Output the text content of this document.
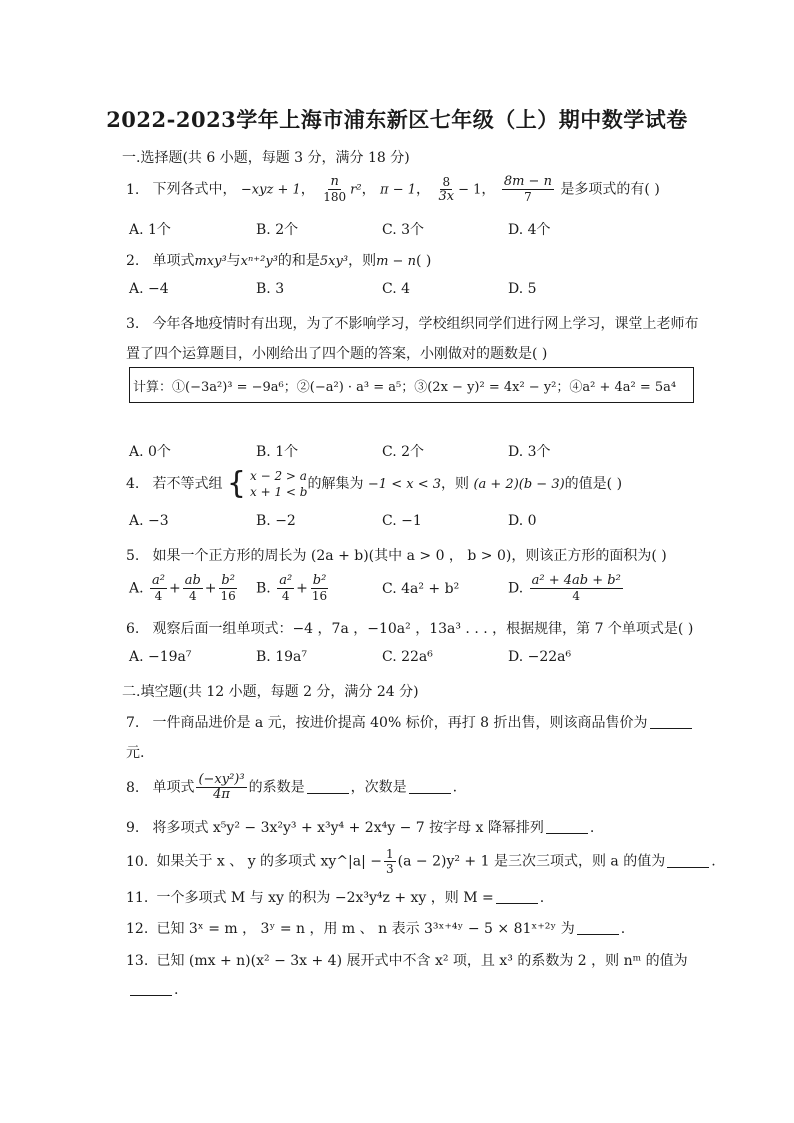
2022-2023学年上海市浦东新区七年级（上）期中数学试卷
一.选择题(共 6 小题，每题 3 分，满分 18 分)
1. 下列各式中， −xyz + 1， $\frac{n}{180} r^2$， π − 1， $\frac{8}{3x} - 1$， $\frac{8m - n}{7}$ 是多项式的有( )
A. 1个	B. 2个	C. 3个	D. 4个
2. 单项式mxy³与xⁿ⁺²y³的和是5xy³，则m − n( )
A. −4	B. 3	C. 4	D. 5
3. 今年各地疫情时有出现，为了不影响学习，学校组织同学们进行网上学习，课堂上老师布
置了四个运算题目，小刚给出了四个题的答案，小刚做对的题数是( )
计算：①(−3a²)³ = −9a⁶；②(−a²) · a³ = a⁵；③(2x − y)² = 4x² − y²；④a² + 4a² = 5a⁴
A. 0个	B. 1个	C. 2个	D. 3个
4. 若不等式组 { x − 2 > a
x + 1 < b 的解集为 −1 < x < 3，则 (a + 2)(b − 3)的值是( )
A. −3	B. −2	C. −1	D. 0
5. 如果一个正方形的周长为 (2a + b)(其中 a > 0 ， b > 0)，则该正方形的面积为( )
A. $\frac{\text{a²}}{4} + \frac{ab}{4} + \frac{\text{b²}}{16} B$. $\frac{\text{a²}}{4} + \frac{\text{b²}}{16}$	C. 4a² + b²	D. $\frac{\text{a² + 4ab + b²}}{4}$
6. 观察后面一组单项式：−4 ，7a ，−10a² ，13a³ . . . ，根据规律，第 7 个单项式是( )
A. −19a⁷	B. 19a⁷	C. 22a⁶	D. −22a⁶
二.填空题(共 12 小题，每题 2 分，满分 24 分)
7. 一件商品进价是 a 元，按进价提高 40% 标价，再打 8 折出售，则该商品售价为
元.
8. 单项式 $\frac{\text{(−xy²)³}}{4\pi}$ 的系数是	，次数是	.
9. 将多项式 x⁵y² − 3x²y³ + x³y⁴ + 2x⁴y − 7 按字母 x 降幂排列	.
10. 如果关于 x 、 y 的多项式 xy^|a| − $\frac{1}{3} (a - 2)y^2 + 1$ 是三次三项式，则 a 的值为	.
11. 一个多项式 M 与 xy 的积为 −2x³y⁴z + xy ，则 M =	.
12. 已知 3ˣ = m ， 3ʸ = n ，用 m 、 n 表示 3³ˣ⁺⁴ʸ − 5 × 81ˣ⁺²ʸ 为	.
13. 已知 (mx + n)(x² − 3x + 4) 展开式中不含 x² 项，且 x³ 的系数为 2 ，则 nᵐ 的值为
.
